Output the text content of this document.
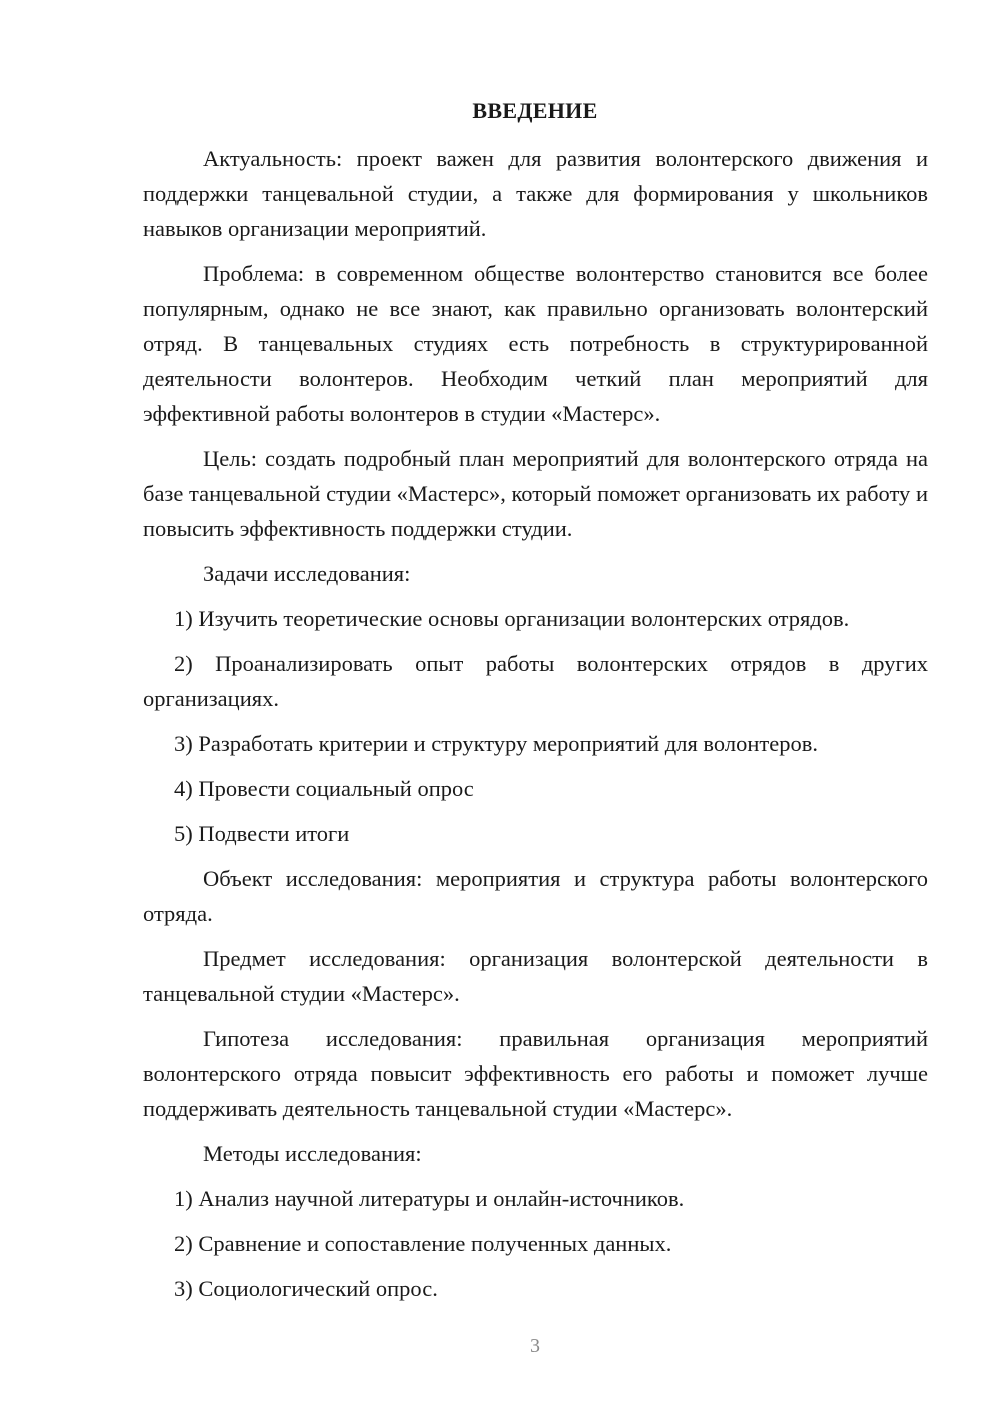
ВВЕДЕНИЕ

Актуальность: проект важен для развития волонтерского движения и поддержки танцевальной студии, а также для формирования у школьников навыков организации мероприятий.

Проблема: в современном обществе волонтерство становится все более популярным, однако не все знают, как правильно организовать волонтерский отряд. В танцевальных студиях есть потребность в структурированной деятельности волонтеров. Необходим четкий план мероприятий для эффективной работы волонтеров в студии «Мастерс».

Цель: создать подробный план мероприятий для волонтерского отряда на базе танцевальной студии «Мастерс», который поможет организовать их работу и повысить эффективность поддержки студии.

Задачи исследования:

1) Изучить теоретические основы организации волонтерских отрядов.

2) Проанализировать опыт работы волонтерских отрядов в других организациях.

3) Разработать критерии и структуру мероприятий для волонтеров.

4) Провести социальный опрос

5) Подвести итоги

Объект исследования: мероприятия и структура работы волонтерского отряда.

Предмет исследования: организация волонтерской деятельности в танцевальной студии «Мастерс».

Гипотеза исследования: правильная организация мероприятий волонтерского отряда повысит эффективность его работы и поможет лучше поддерживать деятельность танцевальной студии «Мастерс».

Методы исследования:

1) Анализ научной литературы и онлайн-источников.

2) Сравнение и сопоставление полученных данных.

3) Социологический опрос.

3
